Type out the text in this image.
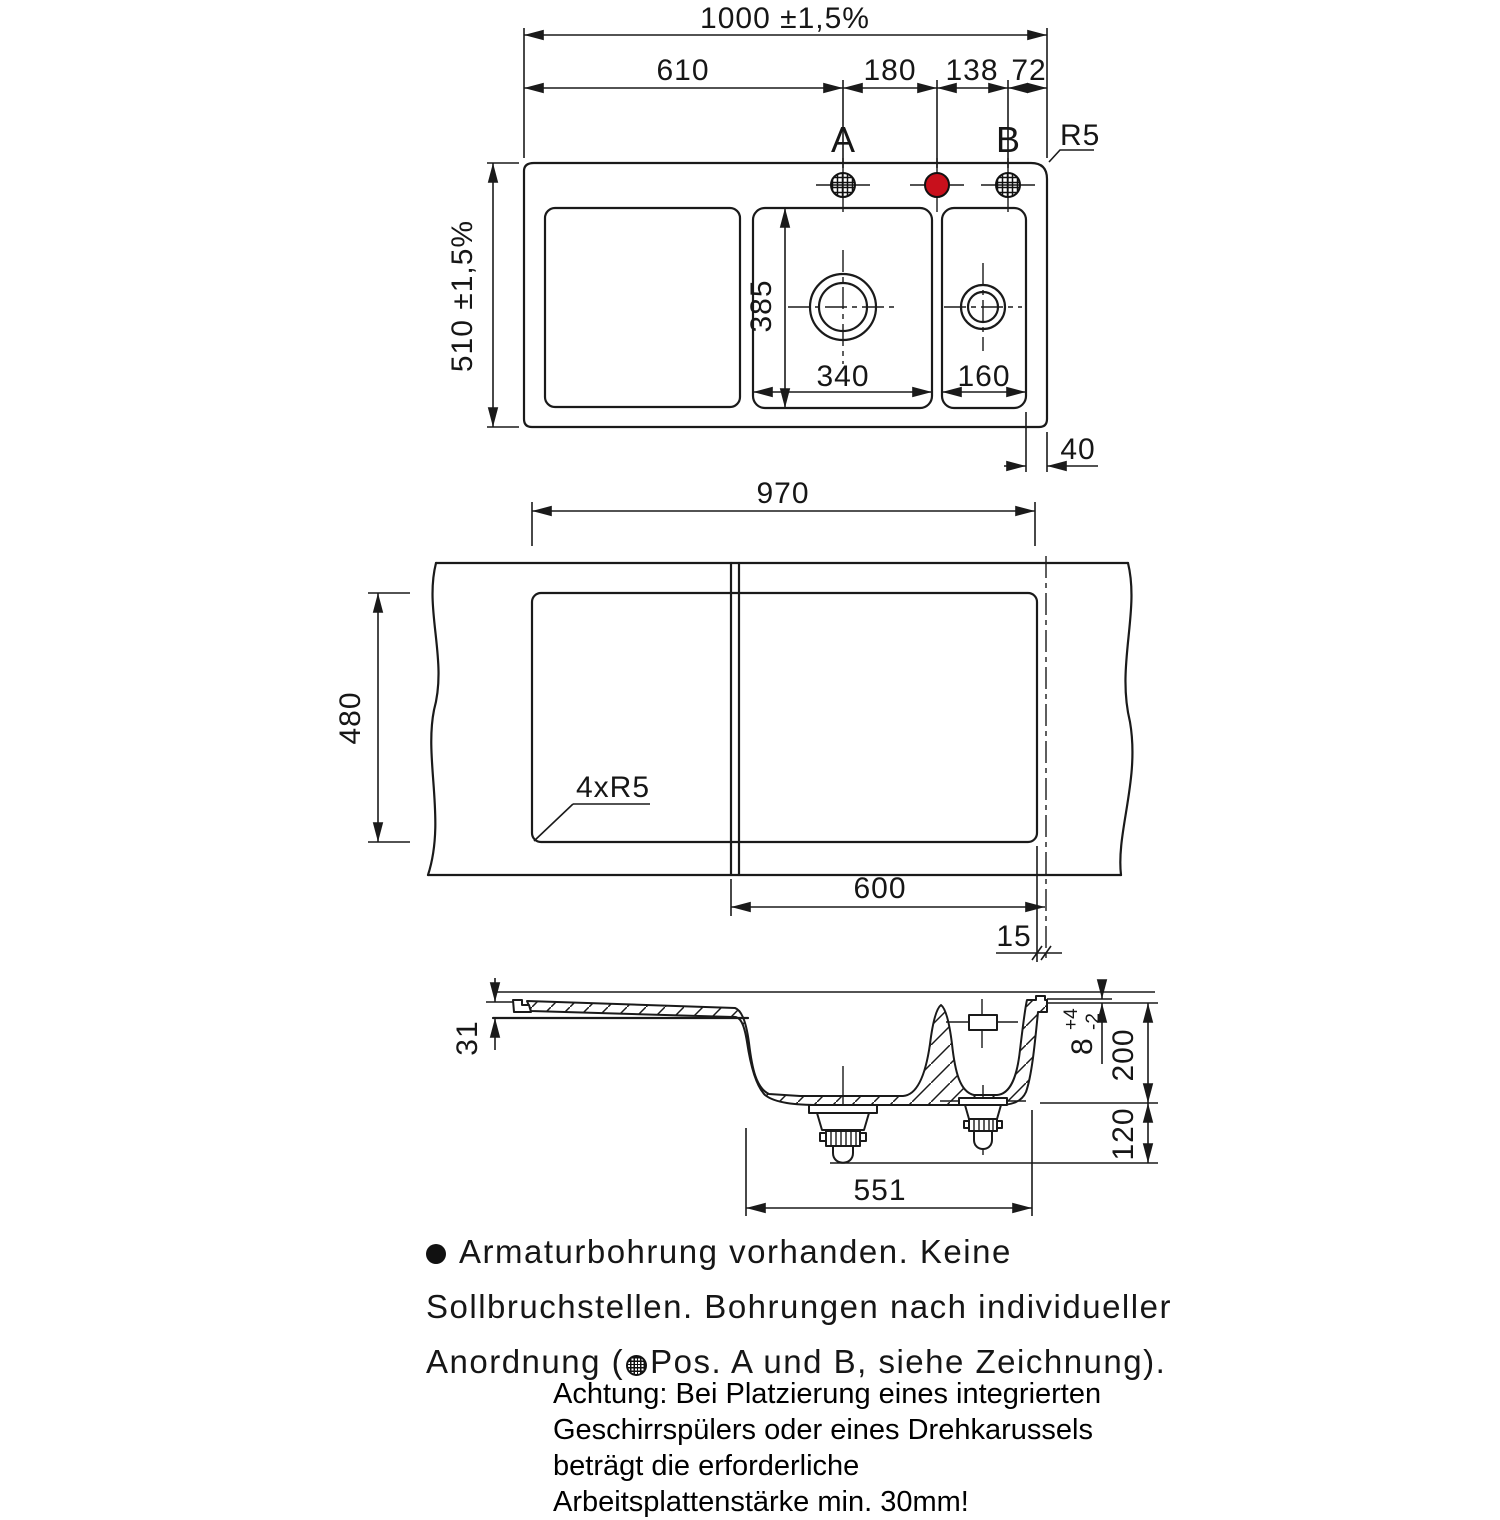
1000 ±1,5%
610	180 138 72
A	B R5
510 ±1,5%	385
340	160
40
970
480
4xR5
600
15
31	8
+4 -2
200
120
551
Armaturbohrung vorhanden. Keine
Sollbruchstellen. Bohrungen nach individueller
Anordnung ( Pos. A und B, siehe Zeichnung).
Achtung: Bei Platzierung eines integrierten
Geschirrspülers oder eines Drehkarussels
beträgt die erforderliche
Arbeitsplattenstärke min. 30mm!
